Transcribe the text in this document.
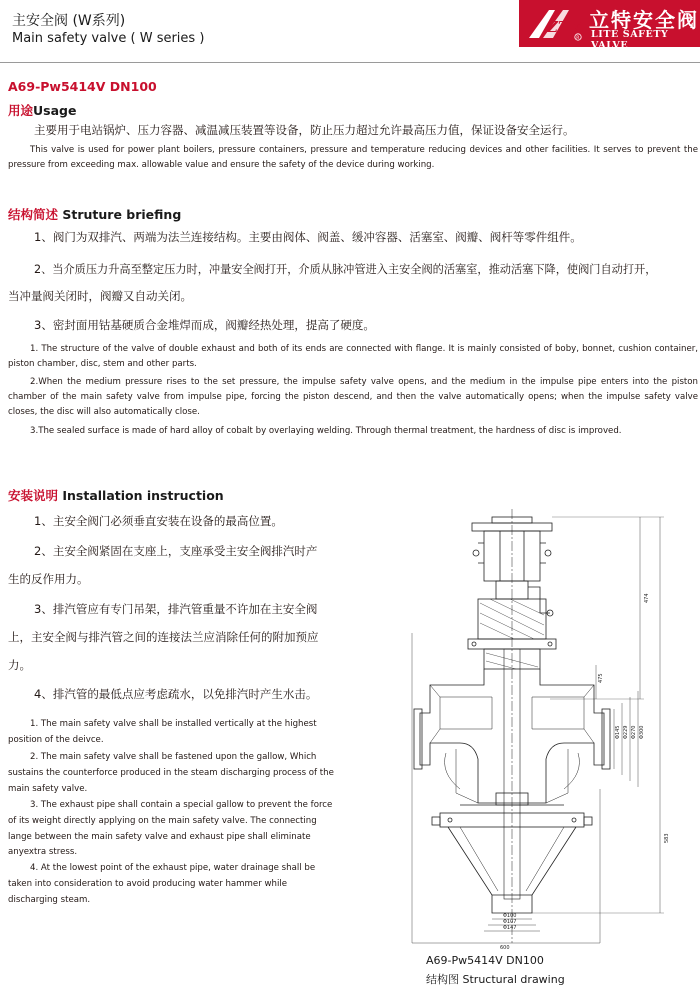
主安全阀 (W系列)
Main safety valve ( W series )
ZTV
R
立特安全阀
LITE SAFETY VALVE
A69-Pw5414V DN100
用途Usage
主要用于电站锅炉、压力容器、减温减压装置等设备，防止压力超过允许最高压力值，保证设备安全运行。
This valve is used for power plant boilers, pressure containers, pressure and temperature reducing devices and other facilities. It serves to prevent the pressure from exceeding max. allowable value and ensure the safety of the device during working.
结构简述 Struture briefing
1、阀门为双排汽、两端为法兰连接结构。主要由阀体、阀盖、缓冲容器、活塞室、阀瓣、阀杆等零件组件。
2、当介质压力升高至整定压力时，冲量安全阀打开，介质从脉冲管进入主安全阀的活塞室，推动活塞下降，使阀门自动打开，
当冲量阀关闭时，阀瓣又自动关闭。
3、密封面用钴基硬质合金堆焊而成，阀瓣经热处理，提高了硬度。
1. The structure of the valve of double exhaust and both of its ends are connected with flange. It is mainly consisted of boby, bonnet, cushion container, piston chamber, disc, stem and other parts.
2.When the medium pressure rises to the set pressure, the impulse safety valve opens, and the medium in the impulse pipe enters into the piston chamber of the main safety valve from impulse pipe, forcing the piston descend, and then the valve automatically opens; when the impulse safety valve closes, the disc will also automatically close.
3.The sealed surface is made of hard alloy of cobalt by overlaying welding. Through thermal treatment, the hardness of disc is improved.
安装说明 Installation instruction
1、主安全阀门必须垂直安装在设备的最高位置。
2、主安全阀紧固在支座上，支座承受主安全阀排汽时产
生的反作用力。
3、排汽管应有专门吊架，排汽管重量不许加在主安全阀
上，主安全阀与排汽管之间的连接法兰应消除任何的附加预应
力。
4、排汽管的最低点应考虑疏水，以免排汽时产生水击。
1. The main safety valve shall be installed vertically at the highest position of the deivce.
2. The main safety valve shall be fastened upon the gallow, Which sustains the counterforce produced in the steam discharging process of the main safety valve.
3. The exhaust pipe shall contain a special gallow to prevent the force of its weight directly applying on the main safety valve. The connecting lange between the main safety valve and exhaust pipe shall eliminate anyextra stress.
4. At the lowest point of the exhaust pipe, water drainage shall be taken into consideration to avoid producing water hammer while discharging steam.
474
583
475
Φ145 Φ229 Φ270 Φ300
Φ100
Φ107
Φ147
600
A69-Pw5414V DN100
结构图 Structural drawing
